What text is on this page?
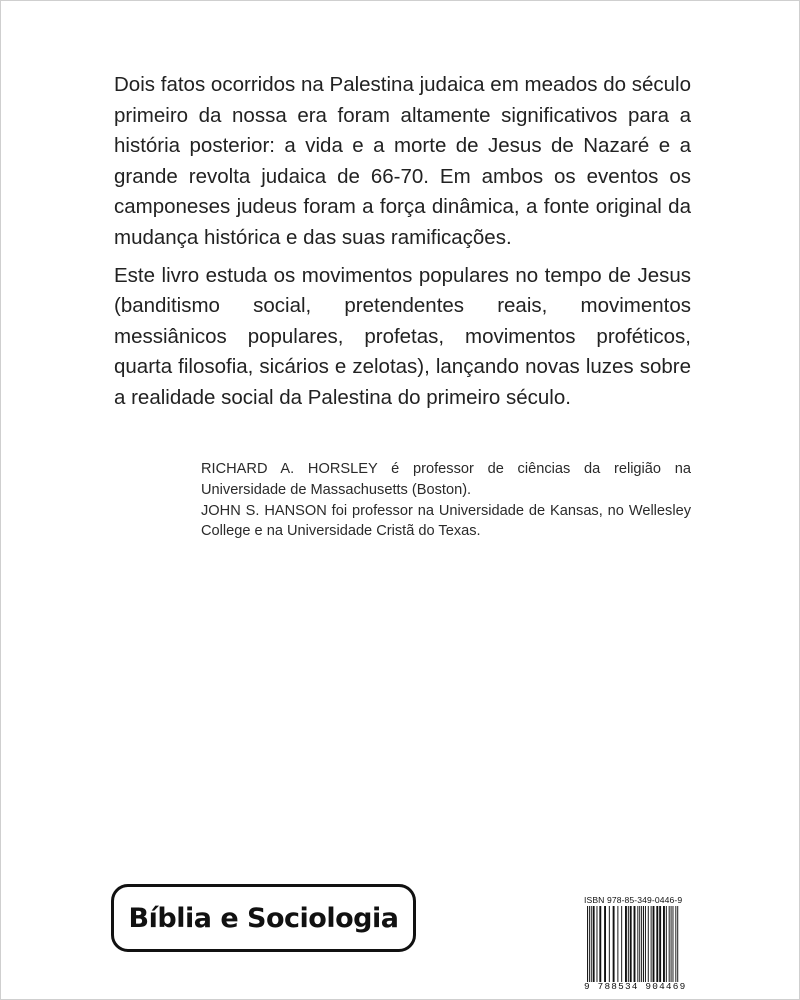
Dois fatos ocorridos na Palestina judaica em meados do século primeiro da nossa era foram altamente significativos para a história posterior: a vida e a morte de Jesus de Nazaré e a grande revolta judaica de 66-70. Em ambos os eventos os camponeses judeus foram a força dinâmica, a fonte original da mudança histórica e das suas ramificações.

Este livro estuda os movimentos populares no tempo de Jesus (banditismo social, pretendentes reais, movimentos messiânicos populares, profetas, movimentos proféticos, quarta filosofia, sicários e zelotas), lançando novas luzes sobre a realidade social da Palestina do primeiro século.

RICHARD A. HORSLEY é professor de ciências da religião na Universidade de Massachusetts (Boston).

JOHN S. HANSON foi professor na Universidade de Kansas, no Wellesley College e na Universidade Cristã do Texas.

Bíblia e Sociologia
ISBN 978-85-349-0446-9
9 788534 904469
